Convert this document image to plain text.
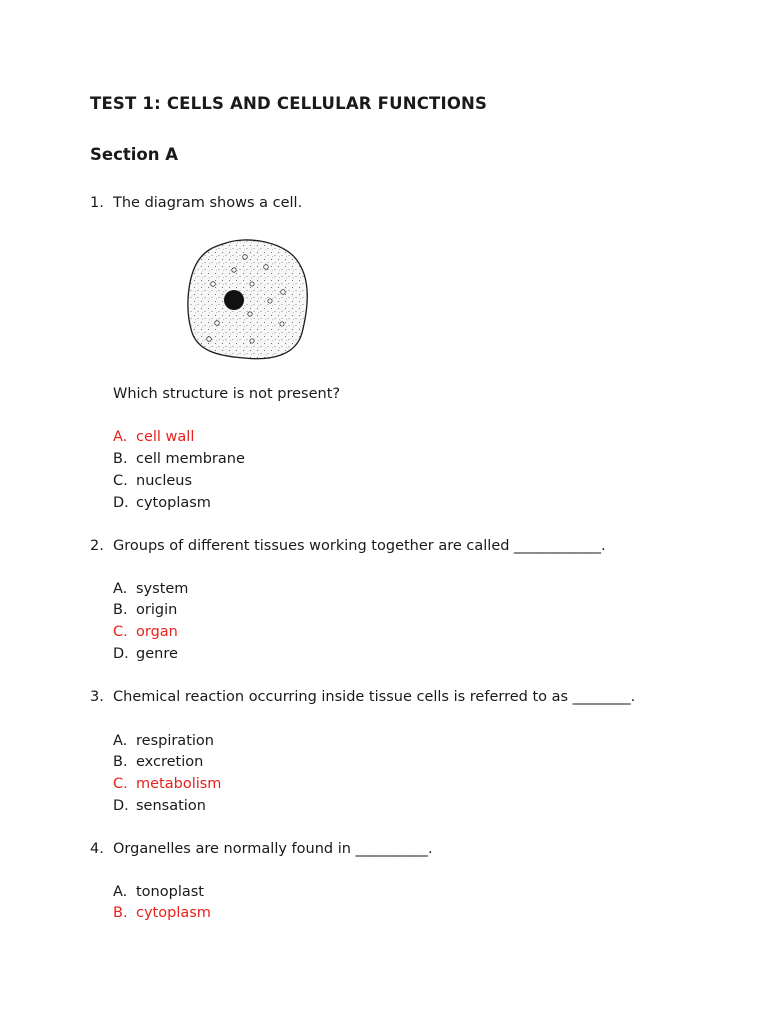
TEST 1: CELLS AND CELLULAR FUNCTIONS
Section A
1. The diagram shows a cell.
Which structure is not present?
A. cell wall
B. cell membrane
C. nucleus
D. cytoplasm
2. Groups of different tissues working together are called ____________.
A. system
B. origin
C. organ
D. genre
3. Chemical reaction occurring inside tissue cells is referred to as ________.
A. respiration
B. excretion
C. metabolism
D. sensation
4. Organelles are normally found in __________.
A. tonoplast
B. cytoplasm
